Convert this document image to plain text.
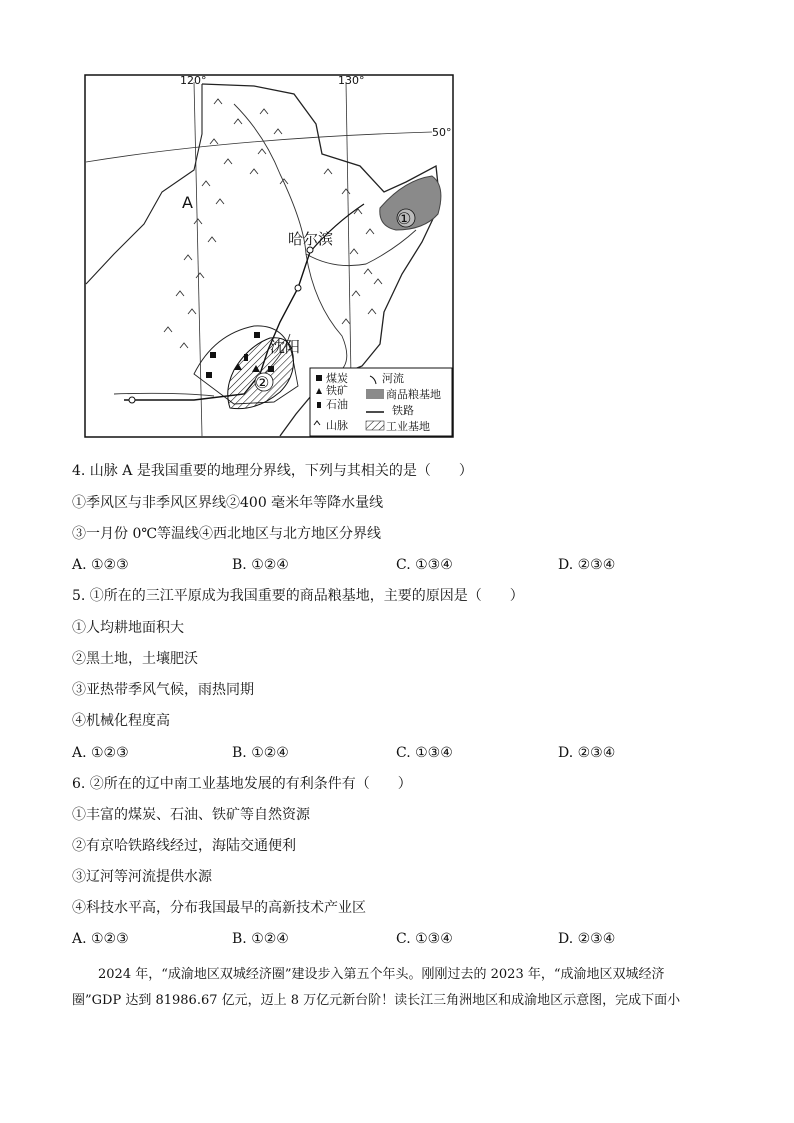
120°	130°
50°
A
①
哈尔滨
沈阳
②	煤炭
铁矿
石油
山脉
河流
商品粮基地
铁路
工业基地
4. 山脉 A 是我国重要的地理分界线，下列与其相关的是（　　）
①季风区与非季风区界线②400 毫米年等降水量线
③一月份 0℃等温线④西北地区与北方地区分界线
A. ①②③	B. ①②④	C. ①③④	D. ②③④
5. ①所在的三江平原成为我国重要的商品粮基地，主要的原因是（　　）
①人均耕地面积大
②黑土地，土壤肥沃
③亚热带季风气候，雨热同期
④机械化程度高
A. ①②③	B. ①②④	C. ①③④	D. ②③④
6. ②所在的辽中南工业基地发展的有利条件有（　　）
①丰富的煤炭、石油、铁矿等自然资源
②有京哈铁路线经过，海陆交通便利
③辽河等河流提供水源
④科技水平高，分布我国最早的高新技术产业区
A. ①②③	B. ①②④	C. ①③④	D. ②③④
2024 年，“成渝地区双城经济圈”建设步入第五个年头。刚刚过去的 2023 年，“成渝地区双城经济
圈”GDP 达到 81986.67 亿元，迈上 8 万亿元新台阶！读长江三角洲地区和成渝地区示意图，完成下面小
